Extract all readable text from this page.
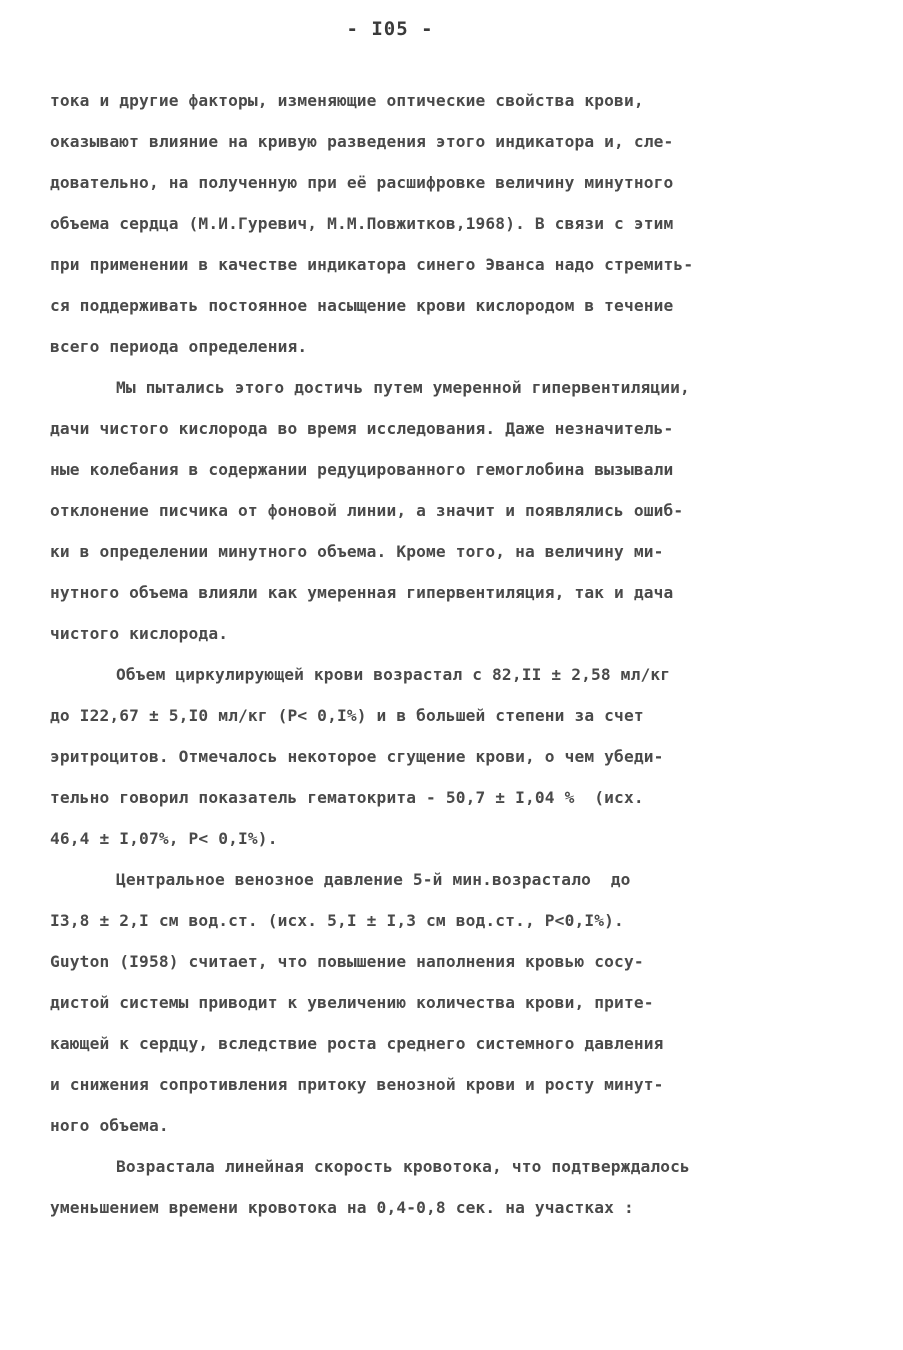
- I05 -
тока и другие факторы, изменяющие оптические свойства крови,
оказывают влияние на кривую разведения этого индикатора и, сле-
довательно, на полученную при её расшифровке величину минутного
объема сердца (М.И.Гуревич, М.М.Повжитков,1968). В связи с этим
при применении в качестве индикатора синего Эванса надо стремить-
ся поддерживать постоянное насыщение крови кислородом в течение
всего периода определения.
Мы пытались этого достичь путем умеренной гипервентиляции,
дачи чистого кислорода во время исследования. Даже незначитель-
ные колебания в содержании редуцированного гемоглобина вызывали
отклонение писчика от фоновой линии, а значит и появлялись ошиб-
ки в определении минутного объема. Кроме того, на величину ми-
нутного объема влияли как умеренная гипервентиляция, так и дача
чистого кислорода.
Объем циркулирующей крови возрастал с 82,II ± 2,58 мл/кг
до I22,67 ± 5,I0 мл/кг (P< 0,I%) и в большей степени за счет
эритроцитов. Отмечалось некоторое сгущение крови, о чем убеди-
тельно говорил показатель гематокрита - 50,7 ± I,04 %  (исх.
46,4 ± I,07%, P< 0,I%).
Центральное венозное давление 5-й мин.возрастало  до
I3,8 ± 2,I см вод.ст. (исх. 5,I ± I,3 см вод.ст., P<0,I%).
Guyton (I958) считает, что повышение наполнения кровью сосу-
дистой системы приводит к увеличению количества крови, прите-
кающей к сердцу, вследствие роста среднего системного давления
и снижения сопротивления притоку венозной крови и росту минут-
ного объема.
Возрастала линейная скорость кровотока, что подтверждалось
уменьшением времени кровотока на 0,4-0,8 сек. на участках :
